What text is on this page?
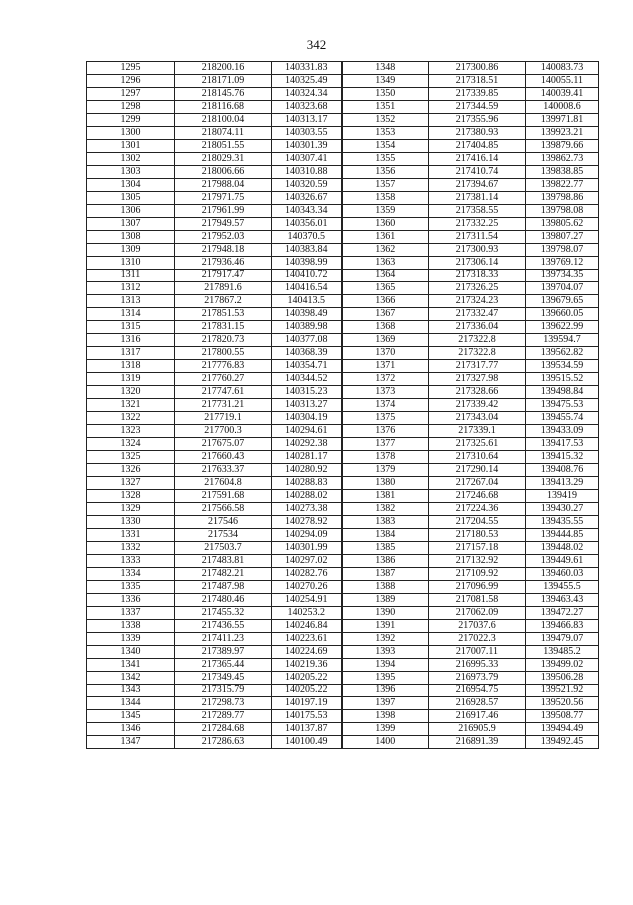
342
1295	218200.16	140331.83	1348	217300.86	140083.73
1296	218171.09	140325.49	1349	217318.51	140055.11
1297	218145.76	140324.34	1350	217339.85	140039.41
1298	218116.68	140323.68	1351	217344.59	140008.6
1299	218100.04	140313.17	1352	217355.96	139971.81
1300	218074.11	140303.55	1353	217380.93	139923.21
1301	218051.55	140301.39	1354	217404.85	139879.66
1302	218029.31	140307.41	1355	217416.14	139862.73
1303	218006.66	140310.88	1356	217410.74	139838.85
1304	217988.04	140320.59	1357	217394.67	139822.77
1305	217971.75	140326.67	1358	217381.14	139798.86
1306	217961.99	140343.34	1359	217358.55	139798.08
1307	217949.57	140356.01	1360	217332.25	139805.62
1308	217952.03	140370.5	1361	217311.54	139807.27
1309	217948.18	140383.84	1362	217300.93	139798.07
1310	217936.46	140398.99	1363	217306.14	139769.12
1311	217917.47	140410.72	1364	217318.33	139734.35
1312	217891.6	140416.54	1365	217326.25	139704.07
1313	217867.2	140413.5	1366	217324.23	139679.65
1314	217851.53	140398.49	1367	217332.47	139660.05
1315	217831.15	140389.98	1368	217336.04	139622.99
1316	217820.73	140377.08	1369	217322.8	139594.7
1317	217800.55	140368.39	1370	217322.8	139562.82
1318	217776.83	140354.71	1371	217317.77	139534.59
1319	217760.27	140344.52	1372	217327.98	139515.52
1320	217747.61	140315.23	1373	217328.66	139498.84
1321	217731.21	140313.27	1374	217339.42	139475.53
1322	217719.1	140304.19	1375	217343.04	139455.74
1323	217700.3	140294.61	1376	217339.1	139433.09
1324	217675.07	140292.38	1377	217325.61	139417.53
1325	217660.43	140281.17	1378	217310.64	139415.32
1326	217633.37	140280.92	1379	217290.14	139408.76
1327	217604.8	140288.83	1380	217267.04	139413.29
1328	217591.68	140288.02	1381	217246.68	139419
1329	217566.58	140273.38	1382	217224.36	139430.27
1330	217546	140278.92	1383	217204.55	139435.55
1331	217534	140294.09	1384	217180.53	139444.85
1332	217503.7	140301.99	1385	217157.18	139448.02
1333	217483.81	140297.02	1386	217132.92	139449.61
1334	217482.21	140282.76	1387	217109.92	139460.03
1335	217487.98	140270.26	1388	217096.99	139455.5
1336	217480.46	140254.91	1389	217081.58	139463.43
1337	217455.32	140253.2	1390	217062.09	139472.27
1338	217436.55	140246.84	1391	217037.6	139466.83
1339	217411.23	140223.61	1392	217022.3	139479.07
1340	217389.97	140224.69	1393	217007.11	139485.2
1341	217365.44	140219.36	1394	216995.33	139499.02
1342	217349.45	140205.22	1395	216973.79	139506.28
1343	217315.79	140205.22	1396	216954.75	139521.92
1344	217298.73	140197.19	1397	216928.57	139520.56
1345	217289.77	140175.53	1398	216917.46	139508.77
1346	217284.68	140137.87	1399	216905.9	139494.49
1347	217286.63	140100.49	1400	216891.39	139492.45
